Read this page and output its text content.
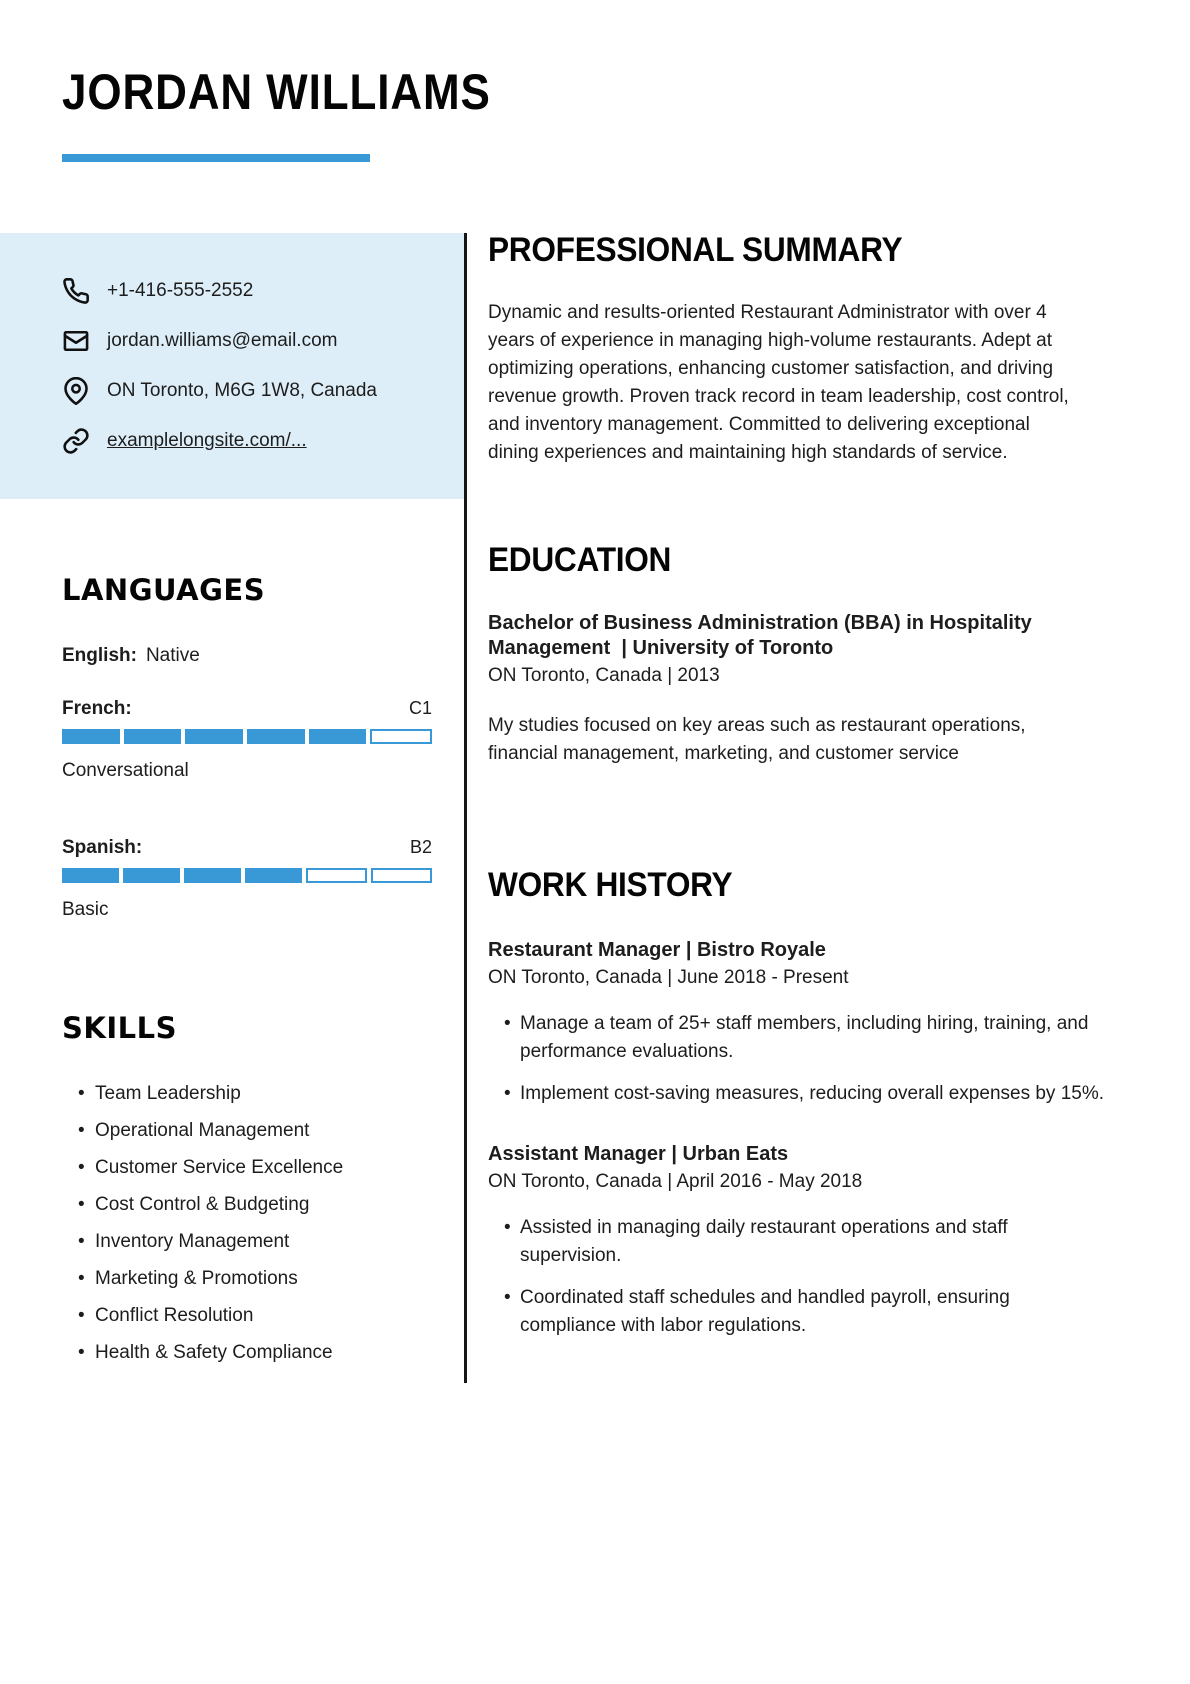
JORDAN WILLIAMS
+1-416-555-2552
jordan.williams@email.com
ON Toronto, M6G 1W8, Canada
examplelongsite.com/...
LANGUAGES
English: Native
French:	C1
Conversational
Spanish:	B2
Basic
SKILLS
• Team Leadership
• Operational Management
• Customer Service Excellence
• Cost Control & Budgeting
• Inventory Management
• Marketing & Promotions
• Conflict Resolution
• Health & Safety Compliance
PROFESSIONAL SUMMARY

Dynamic and results-oriented Restaurant Administrator with over 4 years of experience in managing high-volume restaurants. Adept at optimizing operations, enhancing customer satisfaction, and driving revenue growth. Proven track record in team leadership, cost control, and inventory management. Committed to delivering exceptional dining experiences and maintaining high standards of service.

EDUCATION
Bachelor of Business Administration (BBA) in Hospitality Management  | University of Toronto
ON Toronto, Canada | 2013

My studies focused on key areas such as restaurant operations, financial management, marketing, and customer service

WORK HISTORY
Restaurant Manager | Bistro Royale
ON Toronto, Canada | June 2018 - Present
• Manage a team of 25+ staff members, including hiring, training, and performance evaluations.
• Implement cost-saving measures, reducing overall expenses by 15%.
Assistant Manager | Urban Eats
ON Toronto, Canada | April 2016 - May 2018
• Assisted in managing daily restaurant operations and staff supervision.
• Coordinated staff schedules and handled payroll, ensuring compliance with labor regulations.
